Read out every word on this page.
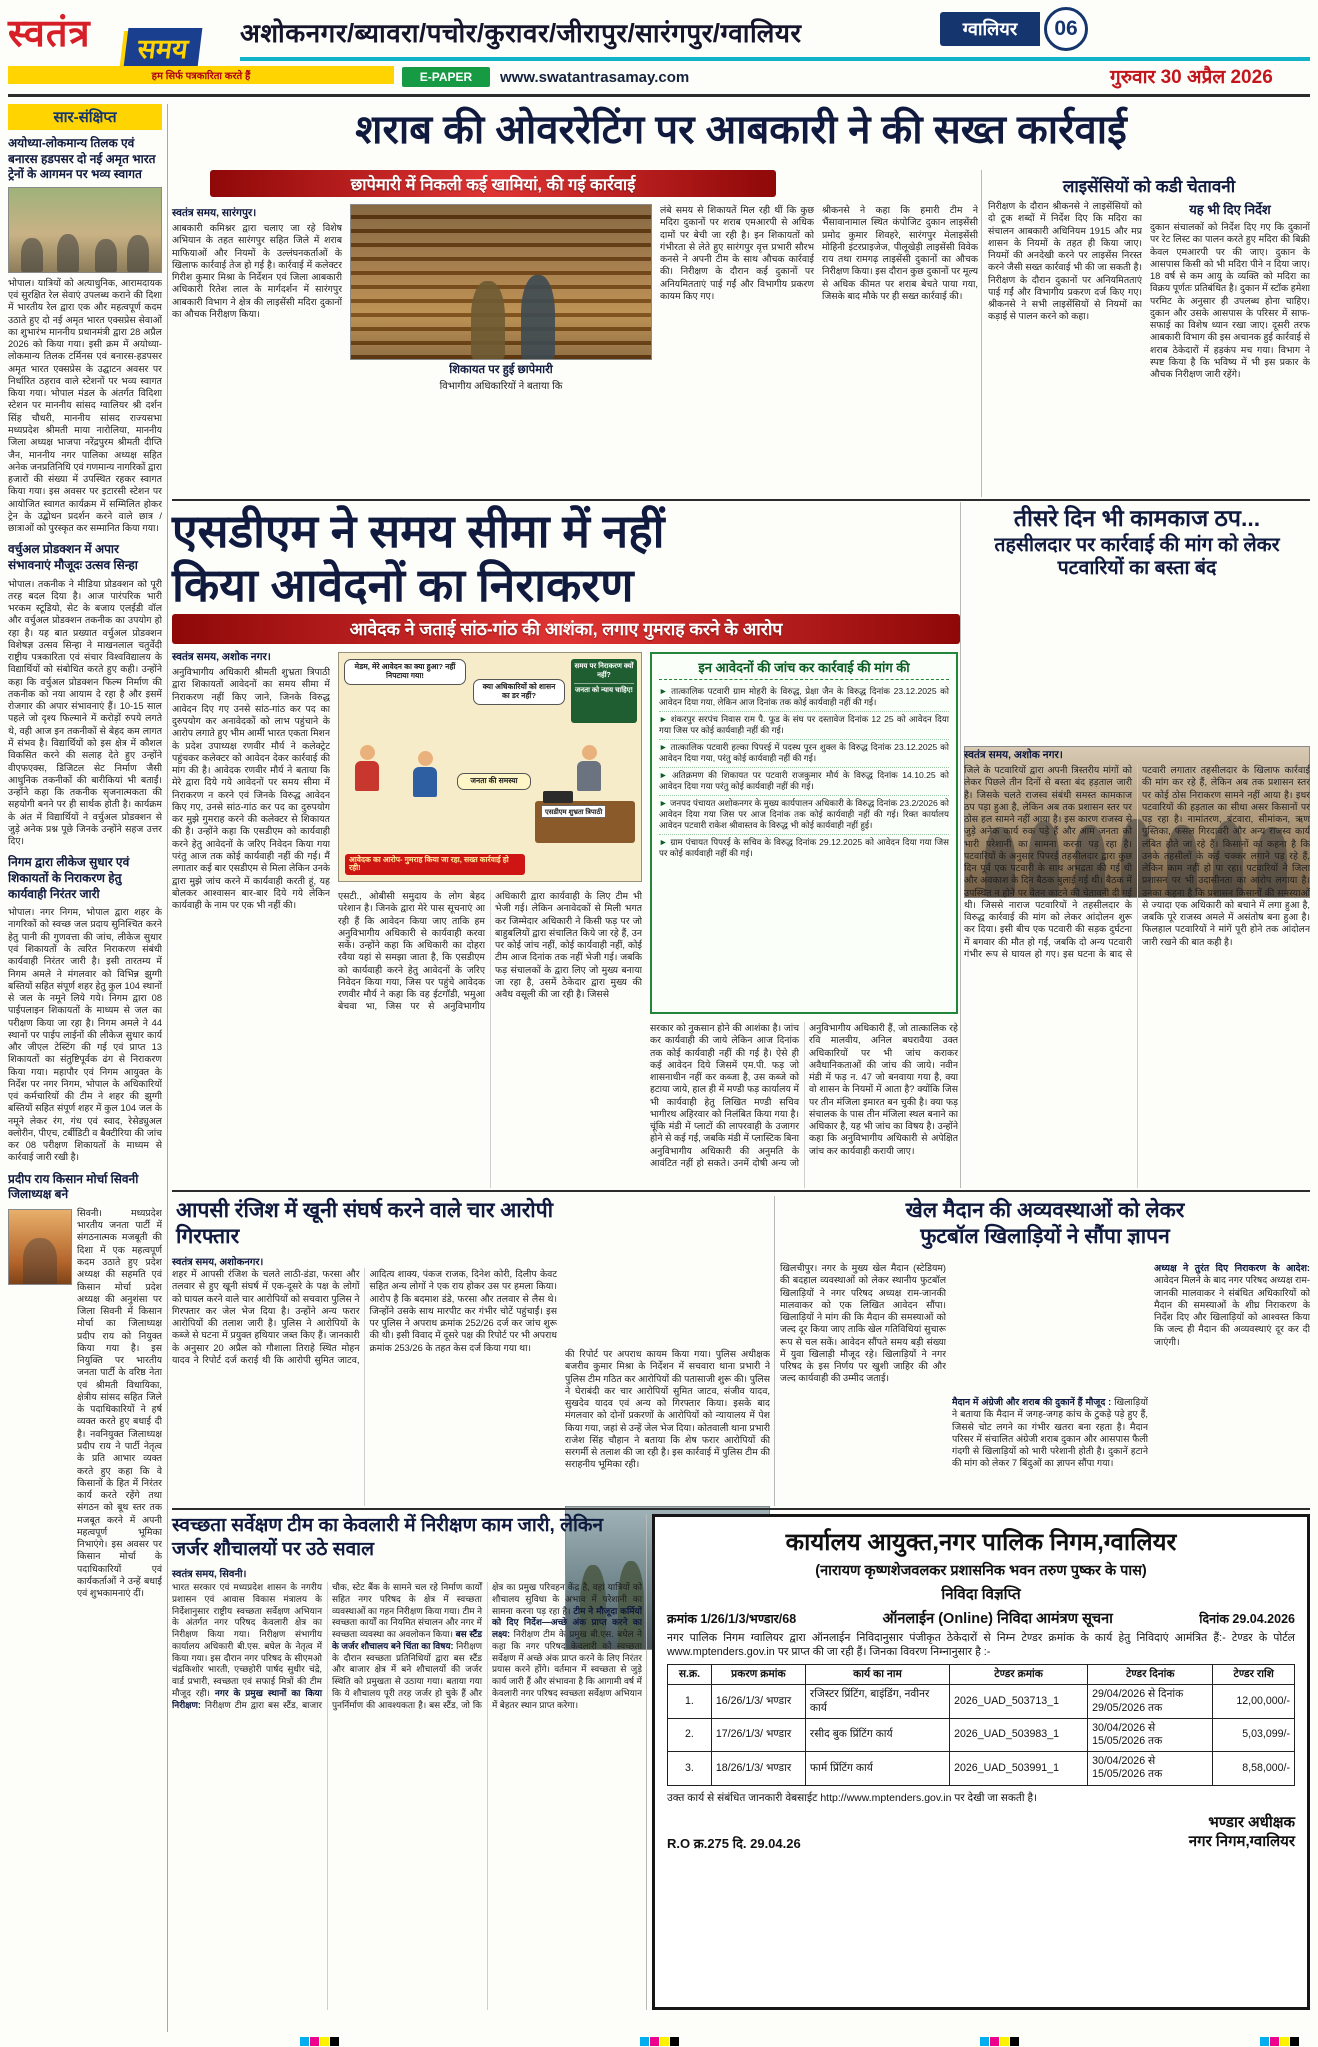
स्वतंत्र	समय
हम सिर्फ पत्रकारिता करते हैं
अशोकनगर/ब्यावरा/पचोर/कुरावर/जीरापुर/सारंगपुर/ग्वालियर	ग्वालियर	06
E-PAPER	www.swatantrasamay.com	गुरुवार 30 अप्रैल 2026
सार-संक्षिप्त
अयोध्या-लोकमान्य तिलक एवं बनारस हडपसर दो नई अमृत भारत ट्रेनों के आगमन पर भव्य स्वागत
भोपाल। यात्रियों को अत्याधुनिक, आरामदायक एवं सुरक्षित रेल सेवाएं उपलब्ध कराने की दिशा में भारतीय रेल द्वारा एक और महत्वपूर्ण कदम उठाते हुए दो नई अमृत भारत एक्सप्रेस सेवाओं का शुभारंभ माननीय प्रधानमंत्री द्वारा 28 अप्रैल 2026 को किया गया। इसी क्रम में अयोध्या-लोकमान्य तिलक टर्मिनस एवं बनारस-हडपसर अमृत भारत एक्सप्रेस के उद्घाटन अवसर पर निर्धारित ठहराव वाले स्टेशनों पर भव्य स्वागत किया गया। भोपाल मंडल के अंतर्गत विदिशा स्टेशन पर माननीय सांसद ग्वालियर श्री दर्शन सिंह चौधरी, माननीय सांसद राज्यसभा मध्यप्रदेश श्रीमती माया नारोलिया, माननीय जिला अध्यक्ष भाजपा नरेंद्रपुरम श्रीमती दीप्ति जैन, माननीय नगर पालिका अध्यक्ष सहित अनेक जनप्रतिनिधि एवं गणमान्य नागरिकों द्वारा हजारों की संख्या में उपस्थित रहकर स्वागत किया गया। इस अवसर पर इटारसी स्टेशन पर आयोजित स्वागत कार्यक्रम में सम्मिलित होकर ट्रेन के उद्बोधन प्रदर्शन करने वाले छात्र / छात्राओं को पुरस्कृत कर सम्मानित किया गया।
वर्चुअल प्रोडक्शन में अपार संभावनाएं मौजूदः उत्सव सिन्हा
भोपाल। तकनीक ने मीडिया प्रोडक्शन को पूरी तरह बदल दिया है। आज पारंपरिक भारी भरकम स्टूडियो, सेट के बजाय एलईडी वॉल और वर्चुअल प्रोडक्शन तकनीक का उपयोग हो रहा है। यह बात प्रख्यात वर्चुअल प्रोडक्शन विशेषज्ञ उत्सव सिन्हा ने माखनलाल चतुर्वेदी राष्ट्रीय पत्रकारिता एवं संचार विश्वविद्यालय के विद्यार्थियों को संबोधित करते हुए कही। उन्होंने कहा कि वर्चुअल प्रोडक्शन फिल्म निर्माण की तकनीक को नया आयाम दे रहा है और इसमें रोजगार की अपार संभावनाएं हैं। 10-15 साल पहले जो दृश्य फिल्माने में करोड़ों रुपये लगते थे, वही आज इन तकनीकों से बेहद कम लागत में संभव है। विद्यार्थियों को इस क्षेत्र में कौशल विकसित करने की सलाह देते हुए उन्होंने वीएफएक्स, डिजिटल सेट निर्माण जैसी आधुनिक तकनीकों की बारीकियां भी बताईं। उन्होंने कहा कि तकनीक सृजनात्मकता की सहयोगी बनने पर ही सार्थक होती है। कार्यक्रम के अंत में विद्यार्थियों ने वर्चुअल प्रोडक्शन से जुड़े अनेक प्रश्न पूछे जिनके उन्होंने सहज उत्तर दिए।
निगम द्वारा लीकेज सुधार एवं शिकायतों के निराकरण हेतु कार्यवाही निरंतर जारी
भोपाल। नगर निगम, भोपाल द्वारा शहर के नागरिकों को स्वच्छ जल प्रदाय सुनिश्चित करने हेतु पानी की गुणवत्ता की जांच, लीकेज सुधार एवं शिकायतों के त्वरित निराकरण संबंधी कार्यवाही निरंतर जारी है। इसी तारतम्य में निगम अमले ने मंगलवार को विभिन्न झुग्गी बस्तियों सहित संपूर्ण शहर हेतु कुल 104 स्थानों से जल के नमूने लिये गये। निगम द्वारा 08 पाईपलाइन शिकायतों के माध्यम से जल का परीक्षण किया जा रहा है। निगम अमले ने 44 स्थानों पर पाईप लाईनों की लीकेज सुधार कार्य और जीएल टेस्टिंग की गई एवं प्राप्त 13 शिकायतों का संतुष्टिपूर्वक ढंग से निराकरण किया गया। महापौर एवं निगम आयुक्त के निर्देश पर नगर निगम, भोपाल के अधिकारियों एवं कर्मचारियों की टीम ने शहर की झुग्गी बस्तियों सहित संपूर्ण शहर में कुल 104 जल के नमूने लेकर रंग, गंध एवं स्वाद, रेसेड्युअल क्लोरीन, पीएच, टर्बीडिटी व बैक्टीरिया की जांच कर 08 परीक्षण शिकायतों के माध्यम से कार्रवाई जारी रखी है।
प्रदीप राय किसान मोर्चा सिवनी जिलाध्यक्ष बने
सिवनी। मध्यप्रदेश भारतीय जनता पार्टी में संगठनात्मक मजबूती की दिशा में एक महत्वपूर्ण कदम उठाते हुए प्रदेश अध्यक्ष की सहमति एवं किसान मोर्चा प्रदेश अध्यक्ष की अनुशंसा पर जिला सिवनी में किसान मोर्चा का जिलाध्यक्ष प्रदीप राय को नियुक्त किया गया है। इस नियुक्ति पर भारतीय जनता पार्टी के वरिष्ठ नेता एवं श्रीमती विधायिका, क्षेत्रीय सांसद सहित जिले के पदाधिकारियों ने हर्ष व्यक्त करते हुए बधाई दी है। नवनियुक्त जिलाध्यक्ष प्रदीप राय ने पार्टी नेतृत्व के प्रति आभार व्यक्त करते हुए कहा कि वे किसानों के हित में निरंतर कार्य करते रहेंगे तथा संगठन को बूथ स्तर तक मजबूत करने में अपनी महत्वपूर्ण भूमिका निभाएंगे। इस अवसर पर किसान मोर्चा के पदाधिकारियों एवं कार्यकर्ताओं ने उन्हें बधाई एवं शुभकामनाएं दीं।
शराब की ओवररेटिंग पर आबकारी ने की सख्त कार्रवाई
छापेमारी में निकली कई खामियां, की गई कार्रवाई
स्वतंत्र समय, सारंगपुर।
आबकारी कमिश्नर द्वारा चलाए जा रहे विशेष अभियान के तहत सारंगपुर सहित जिले में शराब माफियाओं और नियमों के उल्लंघनकर्ताओं के खिलाफ कार्रवाई तेज हो गई है। कार्रवाई में कलेक्टर गिरीश कुमार मिश्रा के निर्देशन एवं जिला आबकारी अधिकारी रितेश लाल के मार्गदर्शन में सारंगपुर आबकारी विभाग ने क्षेत्र की लाइसेंसी मदिरा दुकानों का औचक निरीक्षण किया।
शिकायत पर हुई छापेमारी
विभागीय अधिकारियों ने बताया कि
लंबे समय से शिकायतें मिल रही थीं कि कुछ मदिरा दुकानों पर शराब एमआरपी से अधिक दामों पर बेची जा रही है। इन शिकायतों को गंभीरता से लेते हुए सारंगपुर वृत्त प्रभारी सौरभ कनसे ने अपनी टीम के साथ औचक कार्रवाई की। निरीक्षण के दौरान कई दुकानों पर अनियमितताएं पाई गईं और विभागीय प्रकरण कायम किए गए।
श्रीकनसे ने कहा कि हमारी टीम ने भैंसावानामाल स्थित कंपोजिट दुकान लाइसेंसी प्रमोद कुमार शिवहरे, सारंगपुर मेलाइसेंसी मोहिनी इंटरप्राइजेज, पीलूखेड़ी लाइसेंसी विवेक राय तथा रामगढ़ लाइसेंसी दुकानों का औचक निरीक्षण किया। इस दौरान कुछ दुकानों पर मूल्य से अधिक कीमत पर शराब बेचते पाया गया, जिसके बाद मौके पर ही सख्त कार्रवाई की।
लाइसेंसियों को कडी चेतावनी
निरीक्षण के दौरान श्रीकनसे ने लाइसेंसियों को दो टूक शब्दों में निर्देश दिए कि मदिरा का संचालन आबकारी अधिनियम 1915 और मप्र शासन के नियमों के तहत ही किया जाए। नियमों की अनदेखी करने पर लाइसेंस निरस्त करने जैसी सख्त कार्रवाई भी की जा सकती है। निरीक्षण के दौरान दुकानों पर अनियमितताएं पाई गईं और विभागीय प्रकरण दर्ज किए गए। श्रीकनसे ने सभी लाइसेंसियों से नियमों का कड़ाई से पालन करने को कहा।
यह भी दिए निर्देश
दुकान संचालकों को निर्देश दिए गए कि दुकानों पर रेट लिस्ट का पालन करते हुए मदिरा की बिक्री केवल एमआरपी पर की जाए। दुकान के आसपास किसी को भी मदिरा पीने न दिया जाए। 18 वर्ष से कम आयु के व्यक्ति को मदिरा का विक्रय पूर्णतः प्रतिबंधित है। दुकान में स्टॉक हमेशा परमिट के अनुसार ही उपलब्ध होना चाहिए। दुकान और उसके आसपास के परिसर में साफ-सफाई का विशेष ध्यान रखा जाए। दूसरी तरफ आबकारी विभाग की इस अचानक हुई कार्रवाई से शराब ठेकेदारों में हड़कंप मच गया। विभाग ने स्पष्ट किया है कि भविष्य में भी इस प्रकार के औचक निरीक्षण जारी रहेंगे।
एसडीएम ने समय सीमा में नहीं
किया आवेदनों का निराकरण
आवेदक ने जताई सांठ-गांठ की आशंका, लगाए गुमराह करने के आरोप
स्वतंत्र समय, अशोक नगर।
अनुविभागीय अधिकारी श्रीमती शुभ्रता त्रिपाठी द्वारा शिकायतों आवेदनों का समय सीमा में निराकरण नहीं किए जाने, जिनके विरुद्ध आवेदन दिए गए उनसे सांठ-गांठ कर पद का दुरुपयोग कर अनावेदकों को लाभ पहुंचाने के आरोप लगाते हुए भीम आर्मी भारत एकता मिशन के प्रदेश उपाध्यक्ष रणवीर मौर्य ने कलेक्ट्रेट पहुंचकर कलेक्टर को आवेदन देकर कार्रवाई की मांग की है। आवेदक रणवीर मौर्य ने बताया कि मेरे द्वारा दिये गये आवेदनों पर समय सीमा में निराकरण न करने एवं जिनके विरुद्ध आवेदन किए गए, उनसे सांठ-गांठ कर पद का दुरुपयोग कर मुझे गुमराह करने की कलेक्टर से शिकायत की है। उन्होंने कहा कि एसडीएम को कार्यवाही करने हेतु आवेदनों के जरिए निवेदन किया गया परंतु आज तक कोई कार्यवाही नहीं की गई। मैं लगातार कई बार एसडीएम से मिला लेकिन उनके द्वारा मुझे जांच करने में कार्यवाही करती हूं, यह बोलकर आश्वासन बार-बार दिये गये लेकिन कार्यवाही के नाम पर एक भी नहीं की।
मेडम, मेरे आवेदन का क्या हुआ? नहीं निपटाया गया!
क्या अधिकारियों को शासन का डर नहीं?
समय पर निराकरण क्यों नहीं?
जनता को न्याय चाहिए!
एसडीएम शुभ्रता त्रिपाठी
जनता की समस्या
आवेदक का आरोप- गुमराह किया जा रहा, सख्त कार्रवाई हो रही!
एसटी., ओबीसी समुदाय के लोग बेहद परेशान है। जिनके द्वारा मेरे पास सूचनाएं आ रही हैं कि आवेदन किया जाए ताकि हम अनुविभागीय अधिकारी से कार्यवाही करवा सकें। उन्होंने कहा कि अधिकारी का दोहरा रवैया यहां से समझा जाता है, कि एसडीएम को कार्यवाही करने हेतु आवेदनों के जरिए निवेदन किया गया, जिस पर पहुंचे आवेदक रणवीर मौर्य ने कहा कि वह ईटगॉडी, भमुआ बेचवा भा, जिस पर से अनुविभागीय अधिकारी द्वारा कार्यवाही के लिए टीम भी भेजी गई। लेकिन अनावेदकों से मिली भगत कर जिम्मेदार अधिकारी ने किसी फड़ पर जो बाहुबलियों द्वारा संचालित किये जा रहे हैं, उन पर कोई जांच नहीं, कोई कार्यवाही नहीं, कोई टीम आज दिनांक तक नहीं भेजी गई। जबकि फड़ संचालकों के द्वारा लिए जो मुख्य बनाया जा रहा है, उसमें ठेकेदार द्वारा मुख्य की अवैध वसूली की जा रही है। जिससे
इन आवेदनों की जांच कर कार्रवाई की मांग की
► तात्कालिक पटवारी ग्राम मोहरी के विरुद्ध, प्रेक्षा जैन के विरुद्ध दिनांक 23.12.2025 को आवेदन दिया गया, लेकिन आज दिनांक तक कोई कार्यवाही नहीं की गई।
► शंकरपुर सरपंच निवास राम पै. फूड के संघ पर दस्तावेज दिनांक 12 25 को आवेदन दिया गया जिस पर कोई कार्यवाही नहीं की गई।
► तात्कालिक पटवारी हल्का पिपरई में पदस्थ पूरन शुक्ल के विरुद्ध दिनांक 23.12.2025 को आवेदन दिया गया, परंतु कोई कार्यवाही नहीं की गई।
► अतिक्रमण की शिकायत पर पटवारी राजकुमार मौर्य के विरुद्ध दिनांक 14.10.25 को आवेदन दिया गया परंतु कोई कार्यवाही नहीं की गई।
► जनपद पंचायत अशोकनगर के मुख्य कार्यपालन अधिकारी के विरुद्ध दिनांक 23.2/2026 को आवेदन दिया गया जिस पर आज दिनांक तक कोई कार्यवाही नहीं की गई। रिक्त कार्यालय आवेदन पटवारी राकेश श्रीवास्तव के विरुद्ध भी कोई कार्यवाही नहीं हुई।
► ग्राम पंचायत पिपरई के सचिव के विरुद्ध दिनांक 29.12.2025 को आवेदन दिया गया जिस पर कोई कार्यवाही नहीं की गई।
सरकार को नुकसान होने की आशंका है। जांच कर कार्यवाही की जाये लेकिन आज दिनांक तक कोई कार्यवाही नहीं की गई है। ऐसे ही कई आवेदन दिये जिसमें एम.पी. फड़ जो शासनाधीन नहीं कर कब्जा है, उस कब्जे को हटाया जाये, हाल ही में मण्डी फड़ कार्यालय में भी कार्यवाही हेतु लिखित मण्डी सचिव भागीरथ अहिरवार को निलंबित किया गया है। चूंकि मंडी में प्लाटों की लापरवाही के उजागर होने से कई गई, जबकि मंडी में प्लास्टिक बिना अनुविभागीय अधिकारी की अनुमति के आवंटित नहीं हो सकते। उनमें दोषी अन्य जो अनुविभागीय अधिकारी हैं, जो तात्कालिक रहे रवि मालवीय, अनिल बघरावैया उक्त अधिकारियों पर भी जांच कराकर अवैधानिकताओं की जांच की जाये। नवीन मंडी में फड़ न. 47 जो बनवाया गया है, क्या वो शासन के नियमों में आता है? क्योंकि जिस पर तीन मंजिला इमारत बन चुकी है। क्या फड़ संचालक के पास तीन मंजिला स्थल बनाने का अधिकार है, यह भी जांच का विषय है। उन्होंने कहा कि अनुविभागीय अधिकारी से अपेक्षित जांच कर कार्यवाही करायी जाए।
तीसरे दिन भी कामकाज ठप...
तहसीलदार पर कार्रवाई की मांग को लेकर पटवारियों का बस्ता बंद
स्वतंत्र समय, अशोक नगर।
जिले के पटवारियों द्वारा अपनी त्रिस्तरीय मांगों को लेकर पिछले तीन दिनों से बस्ता बंद हड़ताल जारी है। जिसके चलते राजस्व संबंधी समस्त कामकाज ठप पड़ा हुआ है, लेकिन अब तक प्रशासन स्तर पर ठोस हल सामने नहीं आया है। इस कारण राजस्व से जुड़े अनेक कार्य रुक पड़े हैं और आम जनता को भारी परेशानी का सामना करना पड़ रहा है। पटवारियों के अनुसार पिपरई तहसीलदार द्वारा कुछ दिन पूर्व एक पटवारी के साथ अभद्रता की गई थी और अवकाश के दिन बैठक बुलाई गई थी। बैठक में उपस्थित न होने पर वेतन काटने की चेतावनी दी गई थी। जिससे नाराज पटवारियों ने तहसीलदार के विरुद्ध कार्रवाई की मांग को लेकर आंदोलन शुरू कर दिया। इसी बीच एक पटवारी की सड़क दुर्घटना में बगवार की मौत हो गई, जबकि दो अन्य पटवारी गंभीर रूप से घायल हो गए। इस घटना के बाद से पटवारी लगातार तहसीलदार के खिलाफ कार्रवाई की मांग कर रहे हैं, लेकिन अब तक प्रशासन स्तर पर कोई ठोस निराकरण सामने नहीं आया है। इधर पटवारियों की हड़ताल का सीधा असर किसानों पर पड़ रहा है। नामांतरण, बंटवारा, सीमांकन, ऋण पुस्तिका, फसल गिरदावरी और अन्य राजस्व कार्य लंबित होते जा रहे हैं। किसानों का कहना है कि उनके तहसीलों के कई चक्कर लगाने पड़ रहे हैं, लेकिन काम नहीं हो पा रहा। पटवारियों ने जिला प्रशासन पर भी उदासीनता का आरोप लगाया है। उनका कहना है कि प्रशासन किसानों की समस्याओं से ज्यादा एक अधिकारी को बचाने में लगा हुआ है, जबकि पूरे राजस्व अमले में असंतोष बना हुआ है। फिलहाल पटवारियों ने मांगें पूरी होने तक आंदोलन जारी रखने की बात कही है।
आपसी रंजिश में खूनी संघर्ष करने वाले चार आरोपी गिरफ्तार
स्वतंत्र समय, अशोकनगर।
शहर में आपसी रंजिश के चलते लाठी-डंडा, फरसा और तलवार से हुए खूनी संघर्ष में एक-दूसरे के पक्ष के लोगों को घायल करने वाले चार आरोपियों को सचवारा पुलिस ने गिरफ्तार कर जेल भेज दिया है। उन्होंने अन्य फरार आरोपियों की तलाश जारी है। पुलिस ने आरोपियों के कब्जे से घटना में प्रयुक्त हथियार जब्त किए हैं। जानकारी के अनुसार 20 अप्रैल को गौशाला तिराहे स्थित मोहन यादव ने रिपोर्ट दर्ज कराई थी कि आरोपी सुमित जाटव, आदित्य शाक्य, पंकज राजक, दिनेश कोरी, दिलीप केवट सहित अन्य लोगों ने एक राय होकर उस पर हमला किया। आरोप है कि बदमाश डंडे, फरसा और तलवार से लैस थे। जिन्होंने उसके साथ मारपीट कर गंभीर चोटें पहुंचाईं। इस पर पुलिस ने अपराध क्रमांक 252/26 दर्ज कर जांच शुरू की थी। इसी विवाद में दूसरे पक्ष की रिपोर्ट पर भी अपराध क्रमांक 253/26 के तहत केस दर्ज किया गया था।
की रिपोर्ट पर अपराध कायम किया गया। पुलिस अधीक्षक बजरीव कुमार मिश्रा के निर्देशन में सचवारा थाना प्रभारी ने पुलिस टीम गठित कर आरोपियों की पतासाजी शुरू की। पुलिस ने घेराबंदी कर चार आरोपियों सुमित जाटव, संजीव यादव, सुखदेव यादव एवं अन्य को गिरफ्तार किया। इसके बाद मंगलवार को दोनों प्रकरणों के आरोपियों को न्यायालय में पेश किया गया, जहां से उन्हें जेल भेज दिया। कोतवाली थाना प्रभारी राजेश सिंह चौहान ने बताया कि शेष फरार आरोपियों की सरगर्मी से तलाश की जा रही है। इस कार्रवाई में पुलिस टीम की सराहनीय भूमिका रही।
खेल मैदान की अव्यवस्थाओं को लेकर
फुटबॉल खिलाड़ियों ने सौंपा ज्ञापन
खिलचीपुर। नगर के मुख्य खेल मैदान (स्टेडियम) की बदहाल व्यवस्थाओं को लेकर स्थानीय फुटबॉल खिलाड़ियों ने नगर परिषद अध्यक्ष राम-जानकी मालवाकर को एक लिखित आवेदन सौंपा। खिलाड़ियों ने मांग की कि मैदान की समस्याओं को जल्द दूर किया जाए ताकि खेल गतिविधियां सुचारू रूप से चल सकें। आवेदन सौंपते समय बड़ी संख्या में युवा खिलाड़ी मौजूद रहे। खिलाड़ियों ने नगर परिषद के इस निर्णय पर खुशी जाहिर की और जल्द कार्यवाही की उम्मीद जताई।
मैदान में अंग्रेजी और शराब की दुकानें हैं मौजूद : खिलाड़ियों ने बताया कि मैदान में जगह-जगह कांच के टुकड़े पड़े हुए हैं, जिससे चोट लगने का गंभीर खतरा बना रहता है। मैदान परिसर में संचालित अंग्रेजी शराब दुकान और आसपास फैली गंदगी से खिलाड़ियों को भारी परेशानी होती है। दुकानें हटाने की मांग को लेकर 7 बिंदुओं का ज्ञापन सौंपा गया।
अध्यक्ष ने तुरंत दिए निराकरण के आदेश: आवेदन मिलने के बाद नगर परिषद अध्यक्ष राम-जानकी मालवाकर ने संबंधित अधिकारियों को मैदान की समस्याओं के शीघ्र निराकरण के निर्देश दिए और खिलाड़ियों को आश्वस्त किया कि जल्द ही मैदान की अव्यवस्थाएं दूर कर दी जाएंगी।
स्वच्छता सर्वेक्षण टीम का केवलारी में निरीक्षण काम जारी, लेकिन जर्जर शौचालयों पर उठे सवाल
स्वतंत्र समय, सिवनी।
भारत सरकार एवं मध्यप्रदेश शासन के नगरीय प्रशासन एवं आवास विकास मंत्रालय के निर्देशानुसार राष्ट्रीय स्वच्छता सर्वेक्षण अभियान के अंतर्गत नगर परिषद केवलारी क्षेत्र का निरीक्षण किया गया। निरीक्षण संभागीय कार्यालय अधिकारी बी.एस. बघेल के नेतृत्व में किया गया। इस दौरान नगर परिषद के सीएमओ चंद्रकिशोर भारती, एच्छहोरी पार्षद सुधीर चंद्रे, वार्ड प्रभारी, स्वच्छता एवं सफाई मित्रों की टीम मौजूद रही। नगर के प्रमुख स्थानों का किया निरीक्षण: निरीक्षण टीम द्वारा बस स्टैंड, बाजार चौक, स्टेट बैंक के सामने चल रहे निर्माण कार्यों सहित नगर परिषद के क्षेत्र में स्वच्छता व्यवस्थाओं का गहन निरीक्षण किया गया। टीम ने स्वच्छता कार्यों का नियमित संचालन और नगर में स्वच्छता व्यवस्था का अवलोकन किया। बस स्टैंड के जर्जर शौचालय बने चिंता का विषय: निरीक्षण के दौरान स्वच्छता प्रतिनिधियों द्वारा बस स्टैंड और बाजार क्षेत्र में बने शौचालयों की जर्जर स्थिति को प्रमुखता से उठाया गया। बताया गया कि ये शौचालय पूरी तरह जर्जर हो चुके हैं और पुनर्निर्माण की आवश्यकता है। बस स्टैंड, जो कि क्षेत्र का प्रमुख परिवहन केंद्र है, वहां यात्रियों को शौचालय सुविधा के अभाव में परेशानी का सामना करना पड़ रहा है। टीम ने मौजूदा कर्मियों को दिए निर्देश—अच्छे अंक प्राप्त करने का लक्ष्य: निरीक्षण टीम के प्रमुख बी.एस. बघेल ने कहा कि नगर परिषद केवलारी को स्वच्छता सर्वेक्षण में अच्छे अंक प्राप्त करने के लिए निरंतर प्रयास करने होंगे। वर्तमान में स्वच्छता से जुड़े कार्य जारी हैं और संभावना है कि आगामी वर्ष में केवलारी नगर परिषद स्वच्छता सर्वेक्षण अभियान में बेहतर स्थान प्राप्त करेगा।
कार्यालय आयुक्त,नगर पालिक निगम,ग्वालियर
(नारायण कृष्णशेजवलकर प्रशासनिक भवन तरुण पुष्कर के पास)
निविदा विज्ञप्ति
क्रमांक 1/26/1/3/भण्डार/68	ऑनलाईन (Online) निविदा आमंत्रण सूचना	दिनांक 29.04.2026
नगर पालिक निगम ग्वालियर द्वारा ऑनलाईन निविदानुसार पंजीकृत ठेकेदारों से निम्न टेण्डर क्रमांक के कार्य हेतु निविदाएं आमंत्रित हैं:- टेण्डर के पोर्टल www.mptenders.gov.in पर प्राप्त की जा रही हैं। जिनका विवरण निम्नानुसार है :-
स.क्र.	प्रकरण क्रमांक	कार्य का नाम	टेण्डर क्रमांक	टेण्डर दिनांक	टेण्डर राशि
1.	16/26/1/3/ भण्डार	रजिस्टर प्रिंटिंग, बाइंडिंग, नवीनर कार्य	2026_UAD_503713_1	29/04/2026 से दिनांक 29/05/2026 तक	12,00,000/-
2.	17/26/1/3/ भण्डार	रसीद बुक प्रिंटिंग कार्य	2026_UAD_503983_1	30/04/2026 से 15/05/2026 तक	5,03,099/-
3.	18/26/1/3/ भण्डार	फार्म प्रिंटिंग कार्य	2026_UAD_503991_1	30/04/2026 से 15/05/2026 तक	8,58,000/-
उक्त कार्य से संबंधित जानकारी वेबसाईट http://www.mptenders.gov.in पर देखी जा सकती है।
R.O क्र.275 दि. 29.04.26
भण्डार अधीक्षक
नगर निगम,ग्वालियर
